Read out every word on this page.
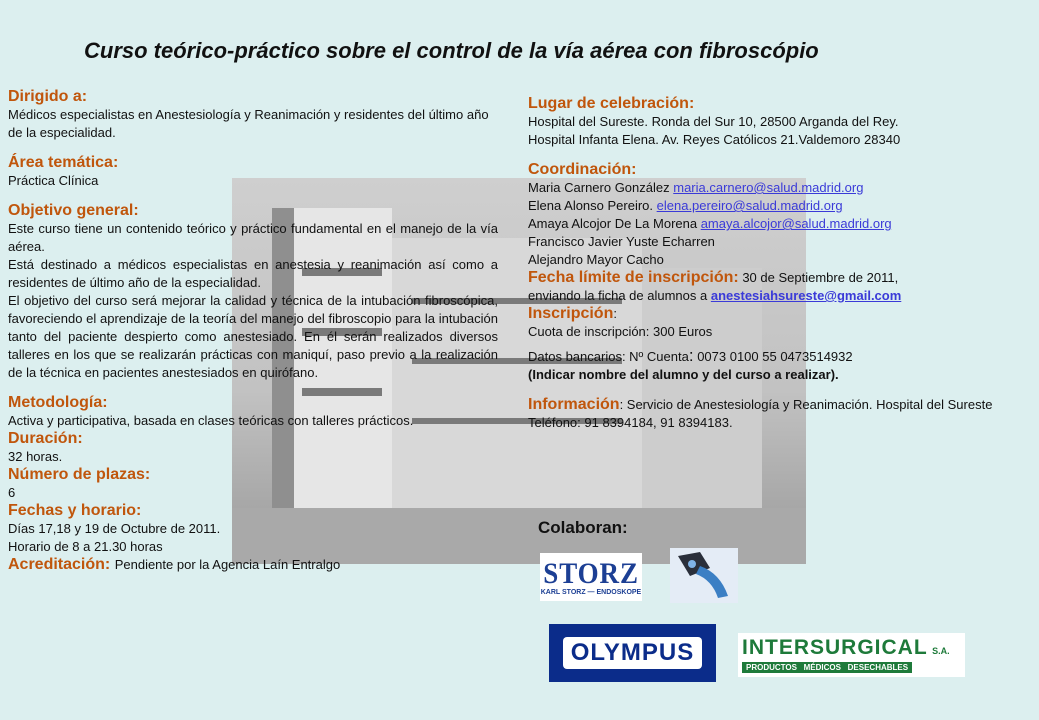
Curso teórico-práctico sobre el control de la vía aérea con fibroscópio
Dirigido a:
Médicos especialistas en Anestesiología y Reanimación y residentes del último año de la especialidad.
Área temática:
Práctica Clínica
Objetivo general:
Este curso tiene un contenido teórico y práctico fundamental en el manejo de la vía aérea.
Está destinado a médicos especialistas en anestesia y reanimación así como a residentes de último año de la especialidad.
El objetivo del curso será mejorar la calidad y técnica de la intubación fibroscópica, favoreciendo el aprendizaje de la teoría del manejo del fibroscopio para la intubación tanto del paciente despierto como anestesiado. En él serán realizados diversos talleres en los que se realizarán prácticas con maniquí, paso previo a la realización de la técnica en pacientes anestesiados en quirófano.
Metodología:
Activa y participativa, basada en clases teóricas con talleres prácticos.
Duración:
32 horas.
Número de plazas:
6
Fechas y horario:
Días 17,18 y 19 de Octubre de 2011.
Horario de 8 a 21.30 horas
Acreditación: Pendiente por la Agencia Laín Entralgo
Lugar de celebración:
Hospital del Sureste. Ronda del Sur 10, 28500 Arganda del Rey.
Hospital Infanta Elena. Av. Reyes Católicos 21.Valdemoro 28340
Coordinación:
Maria Carnero González maria.carnero@salud.madrid.org
Elena Alonso Pereiro. elena.pereiro@salud.madrid.org
Amaya Alcojor De La Morena amaya.alcojor@salud.madrid.org
Francisco Javier Yuste Echarren
Alejandro Mayor Cacho
Fecha límite de inscripción: 30 de Septiembre de 2011,
enviando la ficha de alumnos a anestesiahsureste@gmail.com
Inscripción:
Cuota de inscripción: 300 Euros
Datos bancarios: Nº Cuenta: 0073 0100 55 0473514932
(Indicar nombre del alumno y del curso a realizar).
Información: Servicio de Anestesiología y Reanimación. Hospital del Sureste Teléfono: 91 8394184, 91 8394183.
Colaboran:
STORZ
KARL STORZ — ENDOSKOPE
OLYMPUS	INTERSURGICAL S.A.
PRODUCTOS   MÉDICOS   DESECHABLES
